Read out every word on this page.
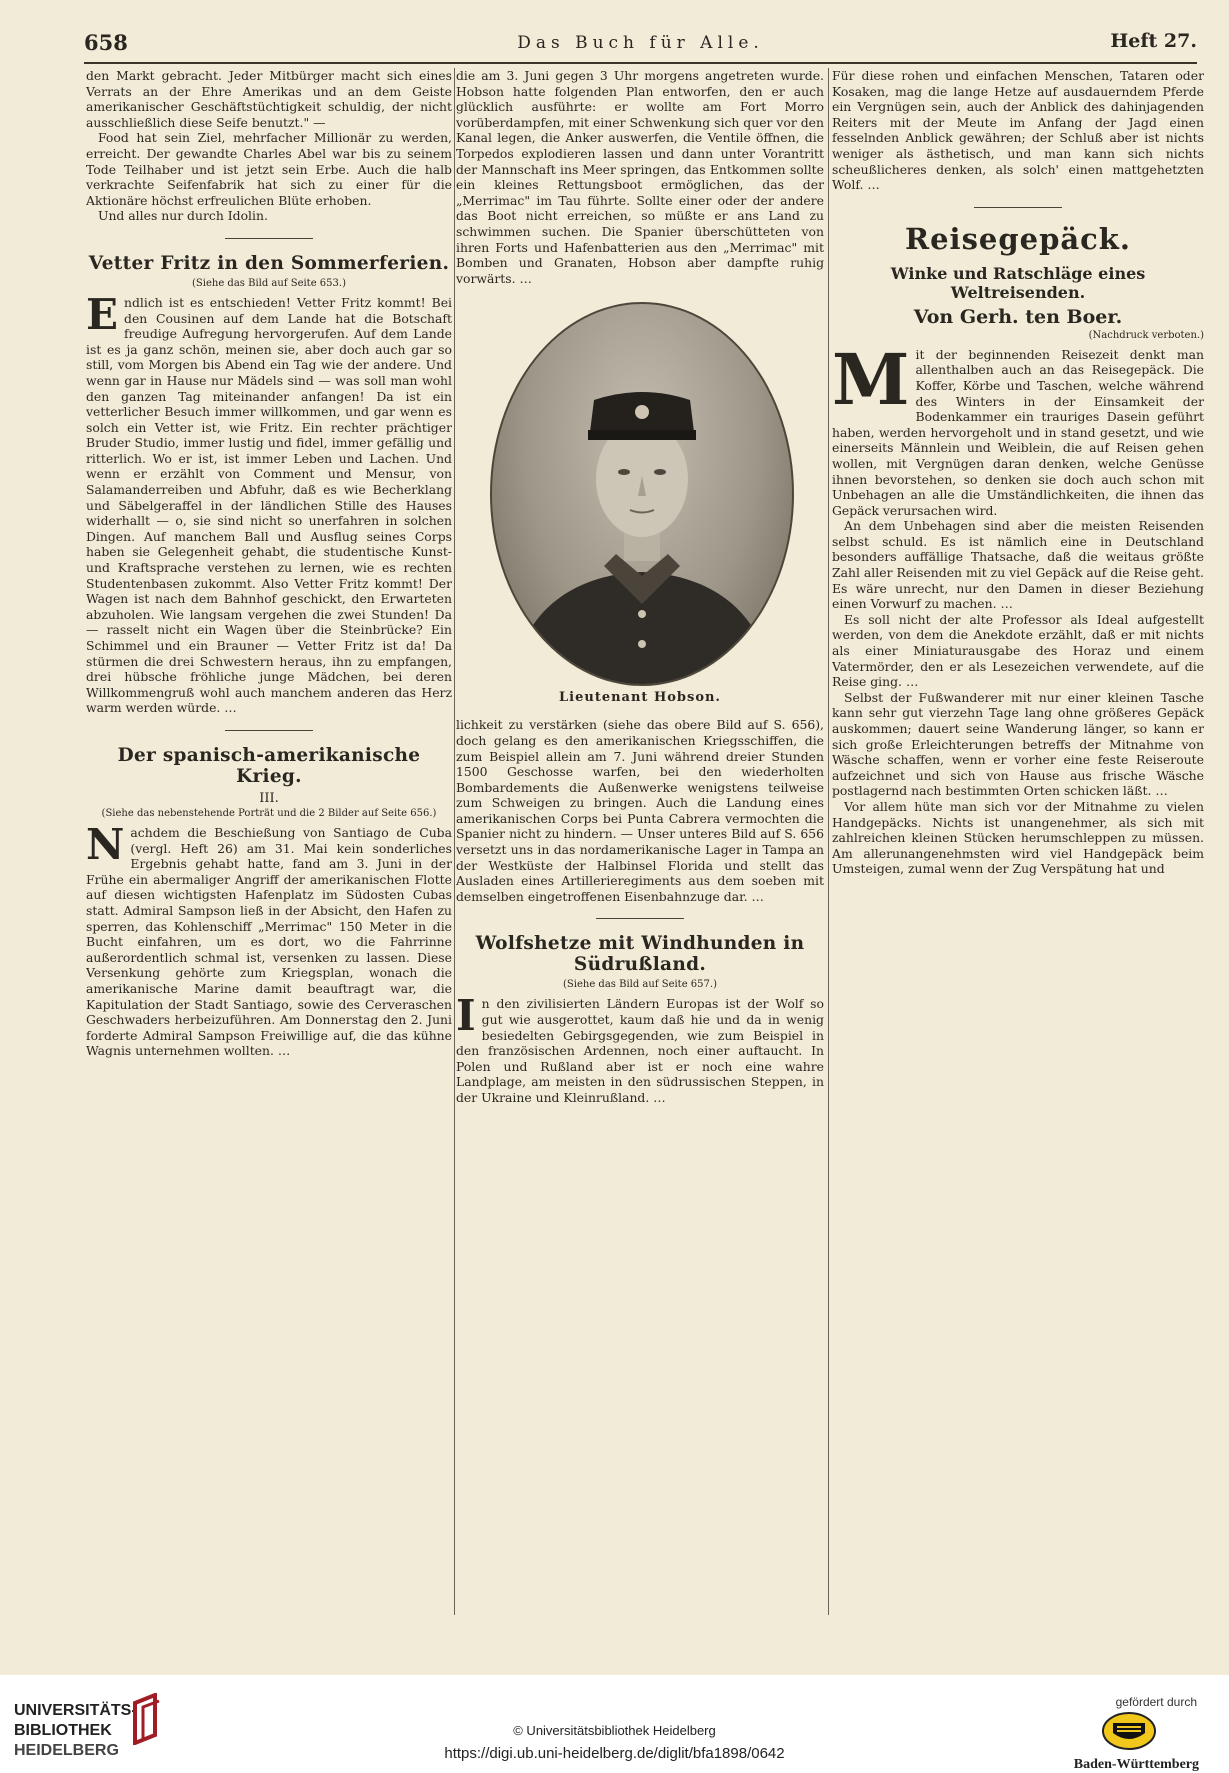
658	Das Buch für Alle.	Heft 27.

den Markt gebracht. Jeder Mitbürger macht sich eines Verrats an der Ehre Amerikas und an dem Geiste amerikanischer Geschäftstüchtigkeit schuldig, der nicht ausschließlich diese Seife benutzt." —

Food hat sein Ziel, mehrfacher Millionär zu werden, erreicht. Der gewandte Charles Abel war bis zu seinem Tode Teilhaber und ist jetzt sein Erbe. Auch die halb verkrachte Seifenfabrik hat sich zu einer für die Aktionäre höchst erfreulichen Blüte erhoben.

Und alles nur durch Idolin.

Vetter Fritz in den Sommerferien.

(Siehe das Bild auf Seite 653.)

Endlich ist es entschieden! Vetter Fritz kommt! Bei den Cousinen auf dem Lande hat die Botschaft freudige Aufregung hervorgerufen. Auf dem Lande ist es ja ganz schön, meinen sie, aber doch auch gar so still, vom Morgen bis Abend ein Tag wie der andere. Und wenn gar in Hause nur Mädels sind — was soll man wohl den ganzen Tag miteinander anfangen! Da ist ein vetterlicher Besuch immer willkommen, und gar wenn es solch ein Vetter ist, wie Fritz. Ein rechter prächtiger Bruder Studio, immer lustig und fidel, immer gefällig und ritterlich. Wo er ist, ist immer Leben und Lachen. Und wenn er erzählt von Comment und Mensur, von Salamanderreiben und Abfuhr, daß es wie Becherklang und Säbelgeraffel in der ländlichen Stille des Hauses widerhallt — o, sie sind nicht so unerfahren in solchen Dingen. Auf manchem Ball und Ausflug seines Corps haben sie Gelegenheit gehabt, die studentische Kunst- und Kraftsprache verstehen zu lernen, wie es rechten Studentenbasen zukommt. Also Vetter Fritz kommt! Der Wagen ist nach dem Bahnhof geschickt, den Erwarteten abzuholen. Wie langsam vergehen die zwei Stunden! Da — rasselt nicht ein Wagen über die Steinbrücke? Ein Schimmel und ein Brauner — Vetter Fritz ist da! Da stürmen die drei Schwestern heraus, ihn zu empfangen, drei hübsche fröhliche junge Mädchen, bei deren Willkommengruß wohl auch manchem anderen das Herz warm werden würde. …

Der spanisch-amerikanische Krieg.

III.

(Siehe das nebenstehende Porträt und die 2 Bilder auf Seite 656.)

Nachdem die Beschießung von Santiago de Cuba (vergl. Heft 26) am 31. Mai kein sonderliches Ergebnis gehabt hatte, fand am 3. Juni in der Frühe ein abermaliger Angriff der amerikanischen Flotte auf diesen wichtigsten Hafenplatz im Südosten Cubas statt. Admiral Sampson ließ in der Absicht, den Hafen zu sperren, das Kohlenschiff „Merrimac" 150 Meter in die Bucht einfahren, um es dort, wo die Fahrrinne außerordentlich schmal ist, versenken zu lassen. Diese Versenkung gehörte zum Kriegsplan, wonach die amerikanische Marine damit beauftragt war, die Kapitulation der Stadt Santiago, sowie des Cerveraschen Geschwaders herbeizuführen. Am Donnerstag den 2. Juni forderte Admiral Sampson Freiwillige auf, die das kühne Wagnis unternehmen wollten. …

die am 3. Juni gegen 3 Uhr morgens angetreten wurde. Hobson hatte folgenden Plan entworfen, den er auch glücklich ausführte: er wollte am Fort Morro vorüberdampfen, mit einer Schwenkung sich quer vor den Kanal legen, die Anker auswerfen, die Ventile öffnen, die Torpedos explodieren lassen und dann unter Vorantritt der Mannschaft ins Meer springen, das Entkommen sollte ein kleines Rettungsboot ermöglichen, das der „Merrimac" im Tau führte. Sollte einer oder der andere das Boot nicht erreichen, so müßte er ans Land zu schwimmen suchen. Die Spanier überschütteten von ihren Forts und Hafenbatterien aus den „Merrimac" mit Bomben und Granaten, Hobson aber dampfte ruhig vorwärts. …

Lieutenant Hobson.

lichkeit zu verstärken (siehe das obere Bild auf S. 656), doch gelang es den amerikanischen Kriegsschiffen, die zum Beispiel allein am 7. Juni während dreier Stunden 1500 Geschosse warfen, bei den wiederholten Bombardements die Außenwerke wenigstens teilweise zum Schweigen zu bringen. Auch die Landung eines amerikanischen Corps bei Punta Cabrera vermochten die Spanier nicht zu hindern. — Unser unteres Bild auf S. 656 versetzt uns in das nordamerikanische Lager in Tampa an der Westküste der Halbinsel Florida und stellt das Ausladen eines Artillerieregiments aus dem soeben mit demselben eingetroffenen Eisenbahnzuge dar. …

Wolfshetze mit Windhunden in Südrußland.

(Siehe das Bild auf Seite 657.)

In den zivilisierten Ländern Europas ist der Wolf so gut wie ausgerottet, kaum daß hie und da in wenig besiedelten Gebirgsgegenden, wie zum Beispiel in den französischen Ardennen, noch einer auftaucht. In Polen und Rußland aber ist er noch eine wahre Landplage, am meisten in den südrussischen Steppen, in der Ukraine und Kleinrußland. …

Für diese rohen und einfachen Menschen, Tataren oder Kosaken, mag die lange Hetze auf ausdauerndem Pferde ein Vergnügen sein, auch der Anblick des dahinjagenden Reiters mit der Meute im Anfang der Jagd einen fesselnden Anblick gewähren; der Schluß aber ist nichts weniger als ästhetisch, und man kann sich nichts scheußlicheres denken, als solch' einen mattgehetzten Wolf. …

Reisegepäck.

Winke und Ratschläge eines Weltreisenden.

Von Gerh. ten Boer.

(Nachdruck verboten.)

Mit der beginnenden Reisezeit denkt man allenthalben auch an das Reisegepäck. Die Koffer, Körbe und Taschen, welche während des Winters in der Einsamkeit der Bodenkammer ein trauriges Dasein geführt haben, werden hervorgeholt und in stand gesetzt, und wie einerseits Männlein und Weiblein, die auf Reisen gehen wollen, mit Vergnügen daran denken, welche Genüsse ihnen bevorstehen, so denken sie doch auch schon mit Unbehagen an alle die Umständlichkeiten, die ihnen das Gepäck verursachen wird.

An dem Unbehagen sind aber die meisten Reisenden selbst schuld. Es ist nämlich eine in Deutschland besonders auffällige Thatsache, daß die weitaus größte Zahl aller Reisenden mit zu viel Gepäck auf die Reise geht. Es wäre unrecht, nur den Damen in dieser Beziehung einen Vorwurf zu machen. …

Es soll nicht der alte Professor als Ideal aufgestellt werden, von dem die Anekdote erzählt, daß er mit nichts als einer Miniaturausgabe des Horaz und einem Vatermörder, den er als Lesezeichen verwendete, auf die Reise ging. …

Selbst der Fußwanderer mit nur einer kleinen Tasche kann sehr gut vierzehn Tage lang ohne größeres Gepäck auskommen; dauert seine Wanderung länger, so kann er sich große Erleichterungen betreffs der Mitnahme von Wäsche schaffen, wenn er vorher eine feste Reiseroute aufzeichnet und sich von Hause aus frische Wäsche postlagernd nach bestimmten Orten schicken läßt. …

Vor allem hüte man sich vor der Mitnahme zu vielen Handgepäcks. Nichts ist unangenehmer, als sich mit zahlreichen kleinen Stücken herumschleppen zu müssen. Am allerunangenehmsten wird viel Handgepäck beim Umsteigen, zumal wenn der Zug Verspätung hat und

UNIVERSITÄTS-
BIBLIOTHEK
HEIDELBERG
© Universitätsbibliothek Heidelberg
https://digi.ub.uni-heidelberg.de/diglit/bfa1898/0642
gefördert durch
Baden-Württemberg
